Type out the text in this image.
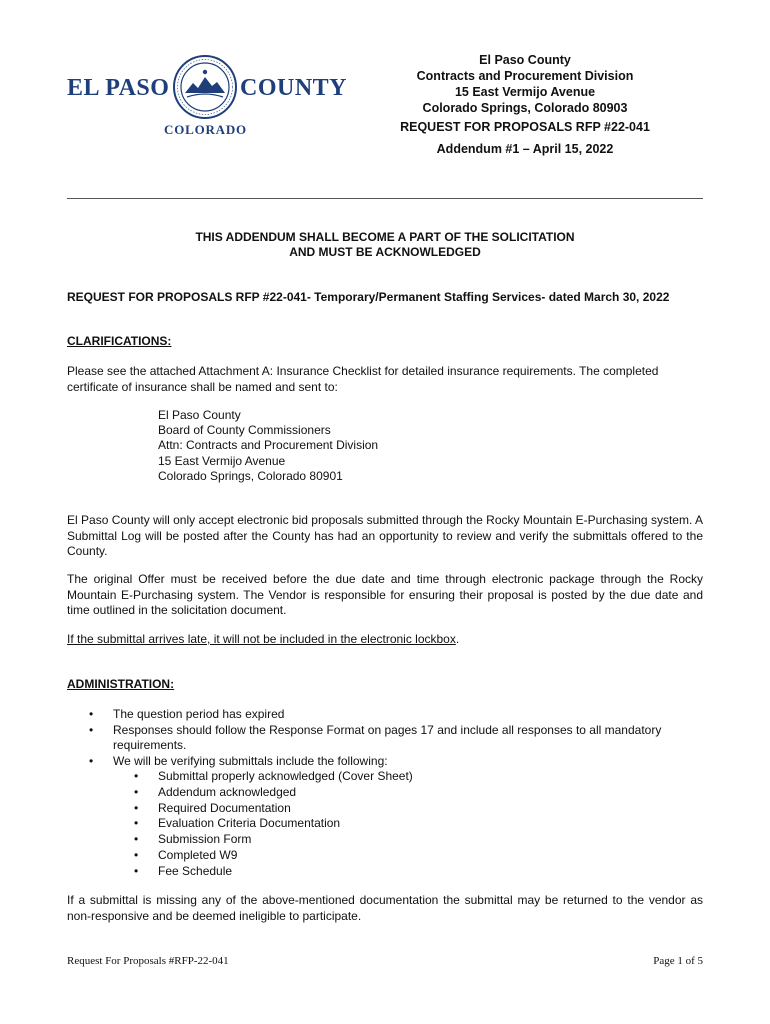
EL PASO	COUNTY
COLORADO
El Paso County
Contracts and Procurement Division
15 East Vermijo Avenue
Colorado Springs, Colorado 80903
REQUEST FOR PROPOSALS RFP #22-041
Addendum #1 – April 15, 2022
THIS ADDENDUM SHALL BECOME A PART OF THE SOLICITATION
AND MUST BE ACKNOWLEDGED
REQUEST FOR PROPOSALS RFP #22-041- Temporary/Permanent Staffing Services- dated March 30, 2022
CLARIFICATIONS:
Please see the attached Attachment A: Insurance Checklist for detailed insurance requirements. The completed certificate of insurance shall be named and sent to:
El Paso County
Board of County Commissioners
Attn: Contracts and Procurement Division
15 East Vermijo Avenue
Colorado Springs, Colorado 80901
El Paso County will only accept electronic bid proposals submitted through the Rocky Mountain E-Purchasing system. A Submittal Log will be posted after the County has had an opportunity to review and verify the submittals offered to the County.
The original Offer must be received before the due date and time through electronic package through the Rocky Mountain E-Purchasing system. The Vendor is responsible for ensuring their proposal is posted by the due date and time outlined in the solicitation document.
If the submittal arrives late, it will not be included in the electronic lockbox.
ADMINISTRATION:
• The question period has expired
• Responses should follow the Response Format on pages 17 and include all responses to all mandatory requirements.
• We will be verifying submittals include the following:
• Submittal properly acknowledged (Cover Sheet)
• Addendum acknowledged
• Required Documentation
• Evaluation Criteria Documentation
• Submission Form
• Completed W9
• Fee Schedule
If a submittal is missing any of the above-mentioned documentation the submittal may be returned to the vendor as non-responsive and be deemed ineligible to participate.
Request For Proposals #RFP-22-041	Page 1 of 5
